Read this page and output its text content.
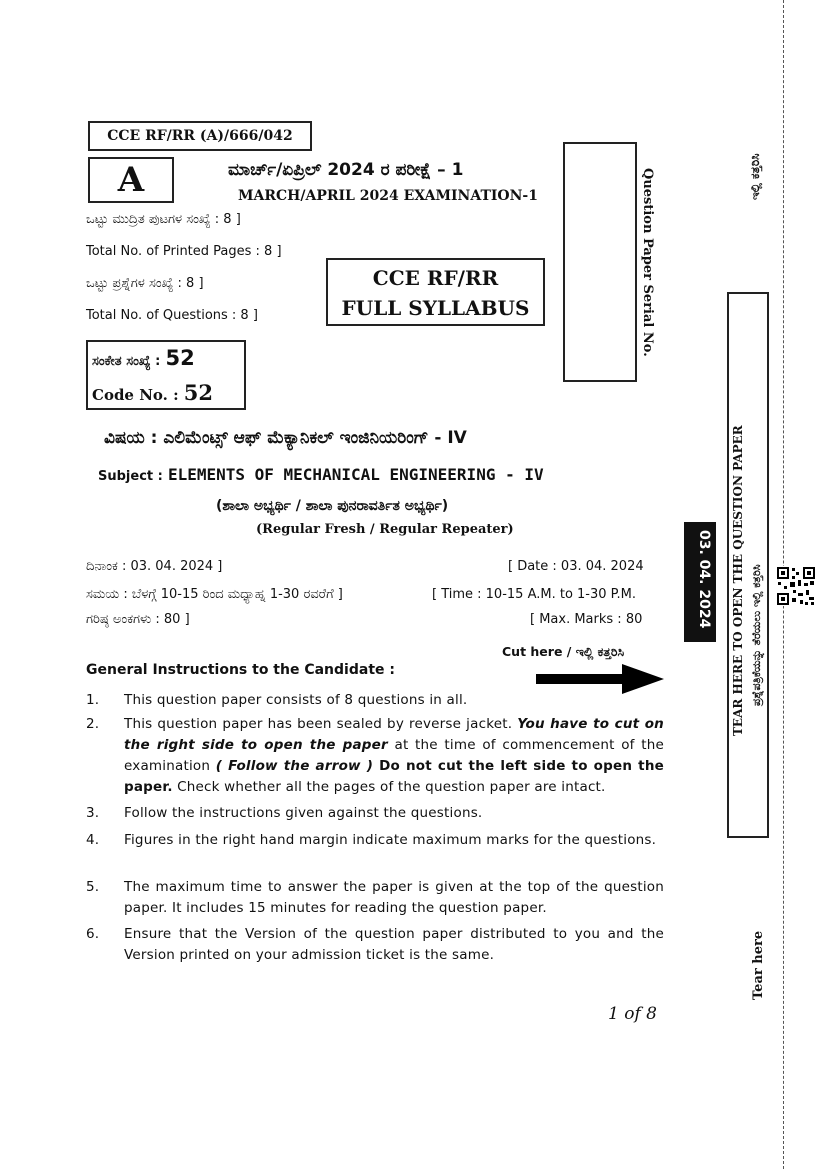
CCE RF/RR (A)/666/042
A	ಮಾರ್ಚ್/ಏಪ್ರಿಲ್ 2024 ರ ಪರೀಕ್ಷೆ – 1
MARCH/APRIL 2024 EXAMINATION-1
ಒಟ್ಟು ಮುದ್ರಿತ ಪುಟಗಳ ಸಂಖ್ಯೆ : 8 ]
Total No. of Printed Pages : 8 ]
ಒಟ್ಟು ಪ್ರಶ್ನೆಗಳ ಸಂಖ್ಯೆ : 8 ]
Total No. of Questions : 8 ]
CCE RF/RR
FULL SYLLABUS	Question Paper Serial No.
ಸಂಕೇತ ಸಂಖ್ಯೆ : 52
Code No. : 52
ವಿಷಯ : ಎಲಿಮೆಂಟ್ಸ್ ಆಫ್ ಮೆಕ್ಯಾನಿಕಲ್ ಇಂಜಿನಿಯರಿಂಗ್ - IV
Subject : ELEMENTS OF MECHANICAL ENGINEERING - IV
(ಶಾಲಾ ಅಭ್ಯರ್ಥಿ / ಶಾಲಾ ಪುನರಾವರ್ತಿತ ಅಭ್ಯರ್ಥಿ)
(Regular Fresh / Regular Repeater)
ದಿನಾಂಕ : 03. 04. 2024 ]	[ Date : 03. 04. 2024
ಸಮಯ : ಬೆಳಗ್ಗೆ 10-15 ರಿಂದ ಮಧ್ಯಾಹ್ನ 1-30 ರವರೆಗೆ ]	[ Time : 10-15 A.M. to 1-30 P.M.
ಗರಿಷ್ಠ ಅಂಕಗಳು : 80 ]	[ Max. Marks : 80
General Instructions to the Candidate :
Cut here / ಇಲ್ಲಿ ಕತ್ತರಿಸಿ
1. This question paper consists of 8 questions in all.
2. This question paper has been sealed by reverse jacket. You have to cut on the right side to open the paper at the time of commencement of the examination ( Follow the arrow ) Do not cut the left side to open the paper. Check whether all the pages of the question paper are intact.
3. Follow the instructions given against the questions.
4. Figures in the right hand margin indicate maximum marks for the questions.
5. The maximum time to answer the paper is given at the top of the question paper. It includes 15 minutes for reading the question paper.
6. Ensure that the Version of the question paper distributed to you and the Version printed on your admission ticket is the same.
1 of 8
ಇಲ್ಲಿ ಕತ್ತರಿಸಿ
TEAR HERE TO OPEN THE QUESTION PAPER ಪ್ರಶ್ನೆಪತ್ರಿಕೆಯನ್ನು ತೆರೆಯಲು ಇಲ್ಲಿ ಕತ್ತರಿಸಿ
03. 04. 2024
Tear here
